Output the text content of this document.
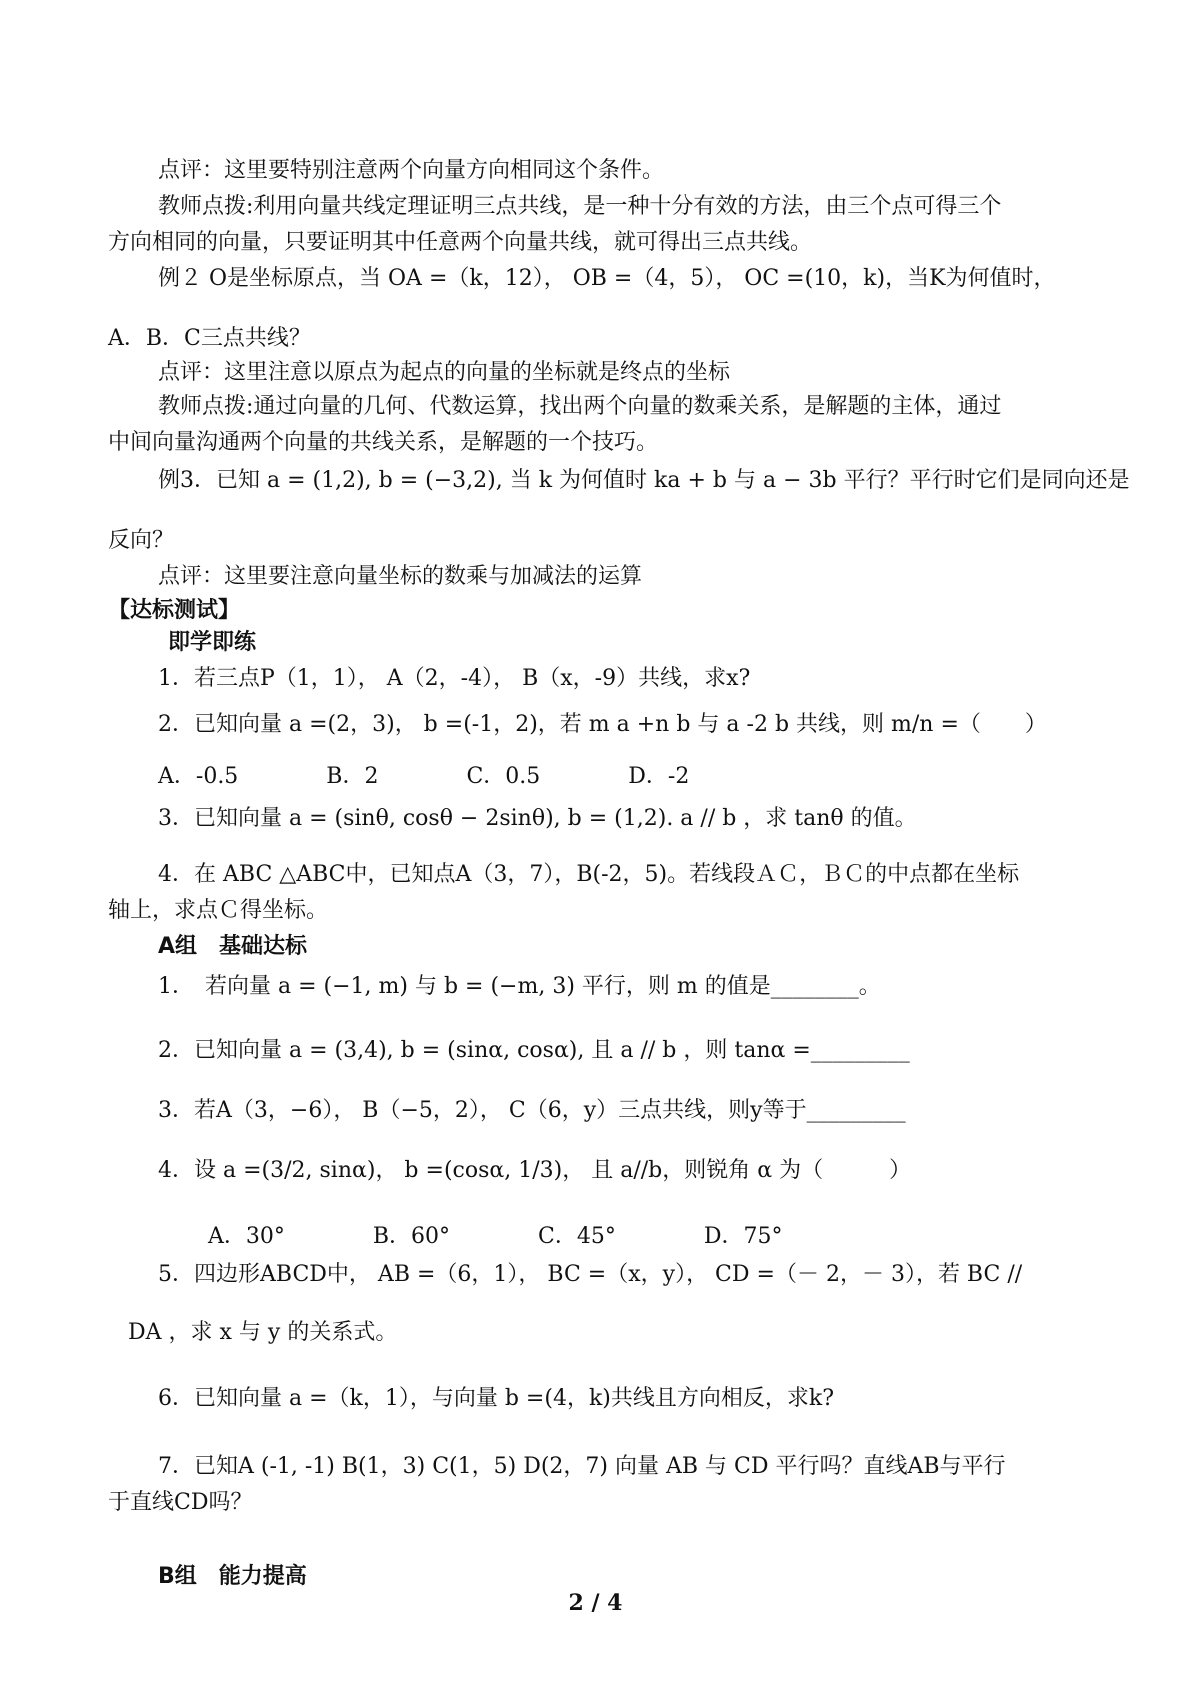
点评：这里要特别注意两个向量方向相同这个条件。
教师点拨:利用向量共线定理证明三点共线，是一种十分有效的方法，由三个点可得三个
方向相同的向量，只要证明其中任意两个向量共线，就可得出三点共线。
例２ O是坐标原点，当 OA =（k，12）， OB =（4，5）， OC =(10，k)，当K为何值时，
A．B．C三点共线？
点评：这里注意以原点为起点的向量的坐标就是终点的坐标
教师点拨:通过向量的几何、代数运算，找出两个向量的数乘关系，是解题的主体，通过
中间向量沟通两个向量的共线关系，是解题的一个技巧。
例3．已知 a = (1,2), b = (−3,2), 当 k 为何值时 ka + b 与 a − 3b 平行？平行时它们是同向还是
反向？
点评：这里要注意向量坐标的数乘与加减法的运算
【达标测试】
即学即练
1．若三点P（1，1）， A（2，-4）， B（x，-9）共线，求x?
2．已知向量 a =(2，3)， b =(-1，2)，若 m a +n b 与 a -2 b 共线，则 m/n =（　　）
A．-0.5　　　　B．2　　　　C．0.5　　　　D．-2
3．已知向量 a = (sinθ, cosθ − 2sinθ), b = (1,2). a // b ，求 tanθ 的值。
4．在 ABC △ABC中，已知点A（3，7），B(-2，5)。若线段ＡＣ，ＢＣ的中点都在坐标
轴上，求点Ｃ得坐标。
A组　基础达标
1．　若向量 a = (−1, m) 与 b = (−m, 3) 平行，则 m 的值是________。
2．已知向量 a = (3,4), b = (sinα, cosα), 且 a // b ，则 tanα =_________
3．若A（3，−6）， B（−5，2）， C（6，y）三点共线，则y等于_________
4．设 a =(3/2, sinα)， b =(cosα, 1/3)， 且 a//b，则锐角 α 为（　　　）
A．30°　　　　B．60°　　　　C．45°　　　　D．75°
5．四边形ABCD中， AB =（6，1）， BC =（x，y）， CD =（－ 2，－ 3），若 BC //
DA ，求 x 与 y 的关系式。
6．已知向量 a =（k，1），与向量 b =(4，k)共线且方向相反，求k?
7．已知A (-1, -1) B(1，3) C(1，5) D(2，7) 向量 AB 与 CD 平行吗？直线AB与平行
于直线CD吗？
B组　能力提高
2 / 4
